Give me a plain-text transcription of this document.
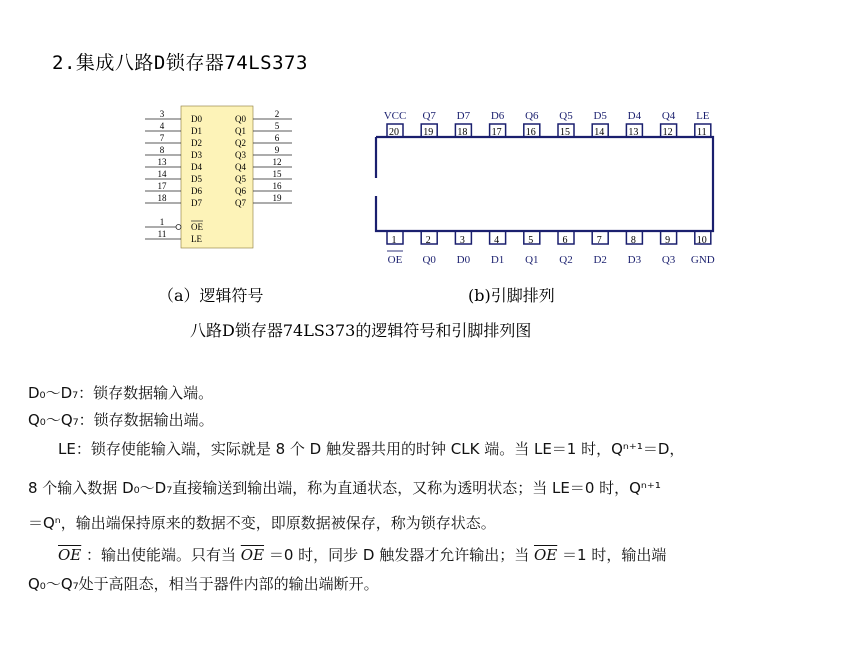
2.集成八路D锁存器74LS373
3	D0
4	D1
7	D2
8	D3
13	D4
14	D5
17	D6
18	D7
2
Q0
5
Q1
6
Q2
9
Q3
12
Q4
15
Q5
16
Q6
19
Q7
1	OE
11	LE
VCC
20
Q7
19
D7
18
D6
17
Q6
16
Q5
15
D5
14
D4
13
Q4
12
LE
11
1
OE
2
Q0
3
D0
4
D1
5
Q1
6
Q2
7
D2
8
D3
9
Q3
10
GND
（a）逻辑符号	(b)引脚排列
八路D锁存器74LS373的逻辑符号和引脚排列图
D₀～D₇：锁存数据输入端。
Q₀～Q₇：锁存数据输出端。
LE：锁存使能输入端，实际就是 8 个 D 触发器共用的时钟 CLK 端。当 LE＝1 时，Qⁿ⁺¹＝D，
8 个输入数据 D₀～D₇直接输送到输出端，称为直通状态，又称为透明状态；当 LE＝0 时，Qⁿ⁺¹
＝Qⁿ，输出端保持原来的数据不变，即原数据被保存，称为锁存状态。
$\overline{OE}$ ：输出使能端。只有当 $\overline{OE} =0$ 时，同步 D 触发器才允许输出；当 $\overline{OE} =1$ 时，输出端
Q₀～Q₇处于高阻态，相当于器件内部的输出端断开。
